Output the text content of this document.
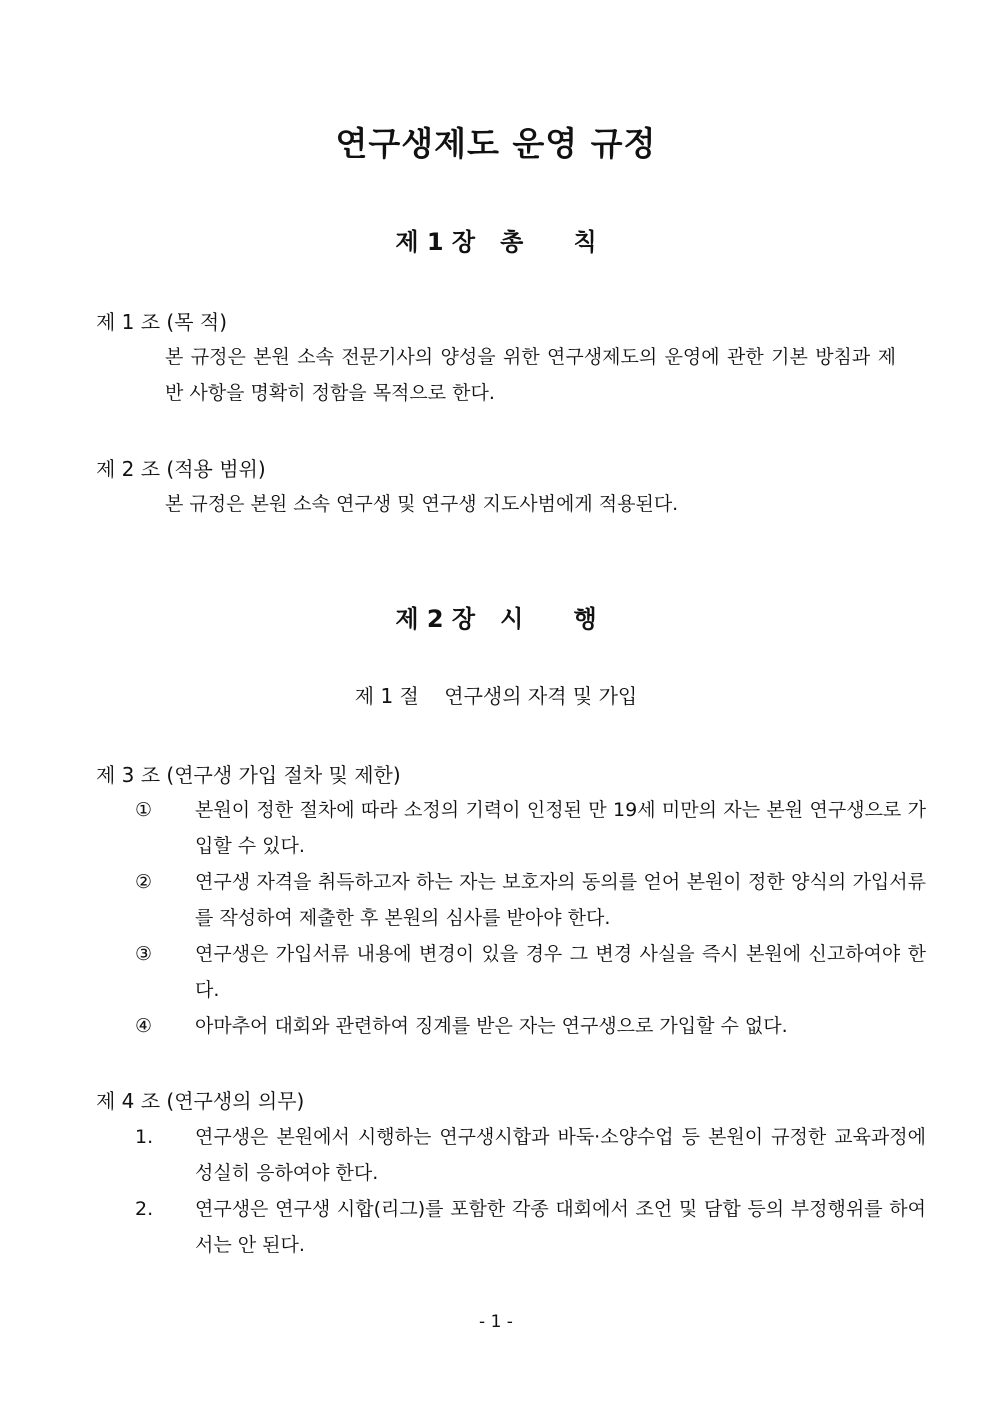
연구생제도 운영 규정
제 1 장   총      칙
제 1 조 (목 적)
본 규정은 본원 소속 전문기사의 양성을 위한 연구생제도의 운영에 관한 기본 방침과 제반 사항을 명확히 정함을 목적으로 한다.
제 2 조 (적용 범위)
본 규정은 본원 소속 연구생 및 연구생 지도사범에게 적용된다.
제 2 장   시      행
제 1 절    연구생의 자격 및 가입
제 3 조 (연구생 가입 절차 및 제한)
① 본원이 정한 절차에 따라 소정의 기력이 인정된 만 19세 미만의 자는 본원 연구생으로 가입할 수 있다.
② 연구생 자격을 취득하고자 하는 자는 보호자의 동의를 얻어 본원이 정한 양식의 가입서류를 작성하여 제출한 후 본원의 심사를 받아야 한다.
③ 연구생은 가입서류 내용에 변경이 있을 경우 그 변경 사실을 즉시 본원에 신고하여야 한다.
④ 아마추어 대회와 관련하여 징계를 받은 자는 연구생으로 가입할 수 없다.
제 4 조 (연구생의 의무)
1. 연구생은 본원에서 시행하는 연구생시합과 바둑·소양수업 등 본원이 규정한 교육과정에 성실히 응하여야 한다.
2. 연구생은 연구생 시합(리그)를 포함한 각종 대회에서 조언 및 담합 등의 부정행위를 하여서는 안 된다.
- 1 -
